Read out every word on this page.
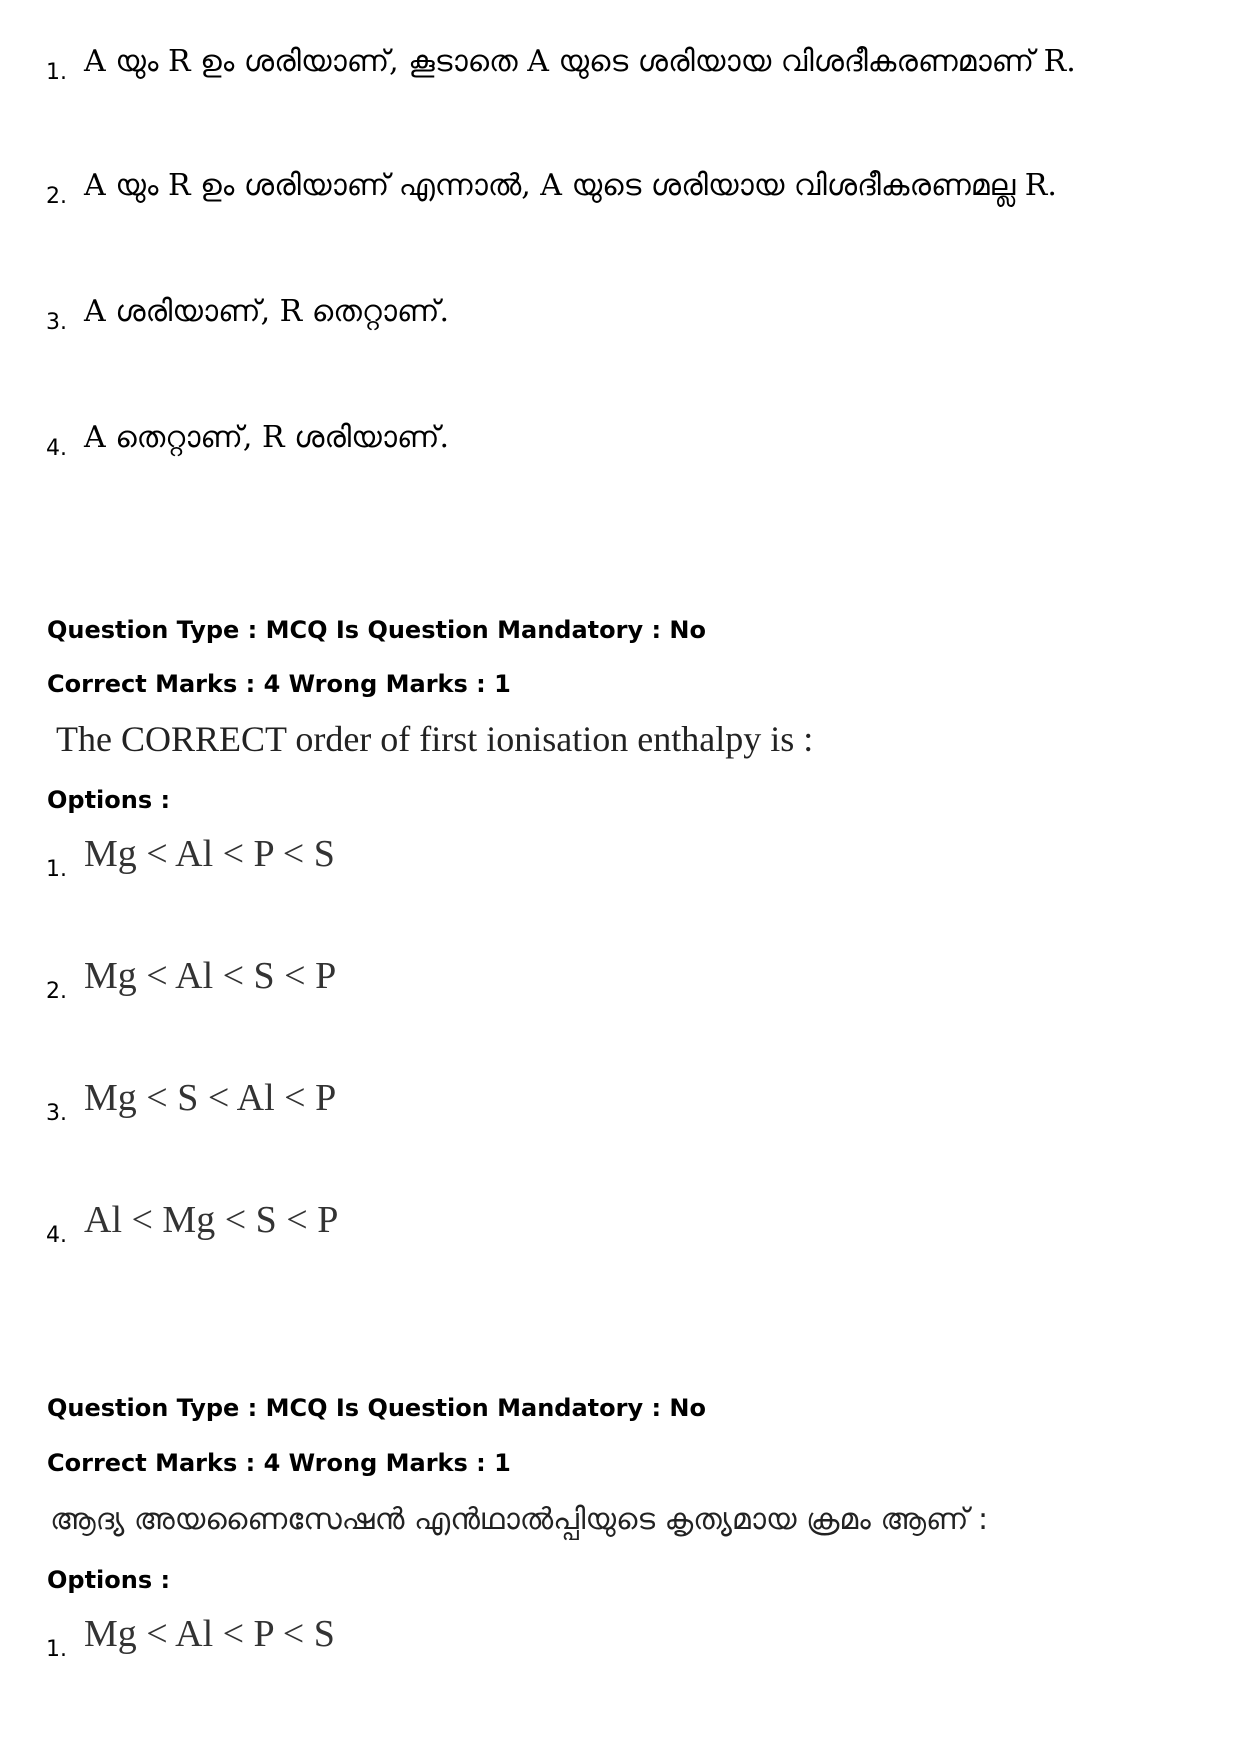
1. A യും R ഉം ശരിയാണ്, കൂടാതെ A യുടെ ശരിയായ വിശദീകരണമാണ് R.
2. A യും R ഉം ശരിയാണ് എന്നാൽ, A യുടെ ശരിയായ വിശദീകരണമല്ല R.
3. A ശരിയാണ്, R തെറ്റാണ്.
4. A തെറ്റാണ്, R ശരിയാണ്.
Question Type : MCQ Is Question Mandatory : No
Correct Marks : 4 Wrong Marks : 1
The CORRECT order of first ionisation enthalpy is :
Options :
1. Mg < Al < P < S
2. Mg < Al < S < P
3. Mg < S < Al < P
4. Al < Mg < S < P
Question Type : MCQ Is Question Mandatory : No
Correct Marks : 4 Wrong Marks : 1
ആദ്യ അയണൈസേഷൻ എൻഥാൽപ്പിയുടെ കൃത്യമായ ക്രമം ആണ് :
Options :
1. Mg < Al < P < S
